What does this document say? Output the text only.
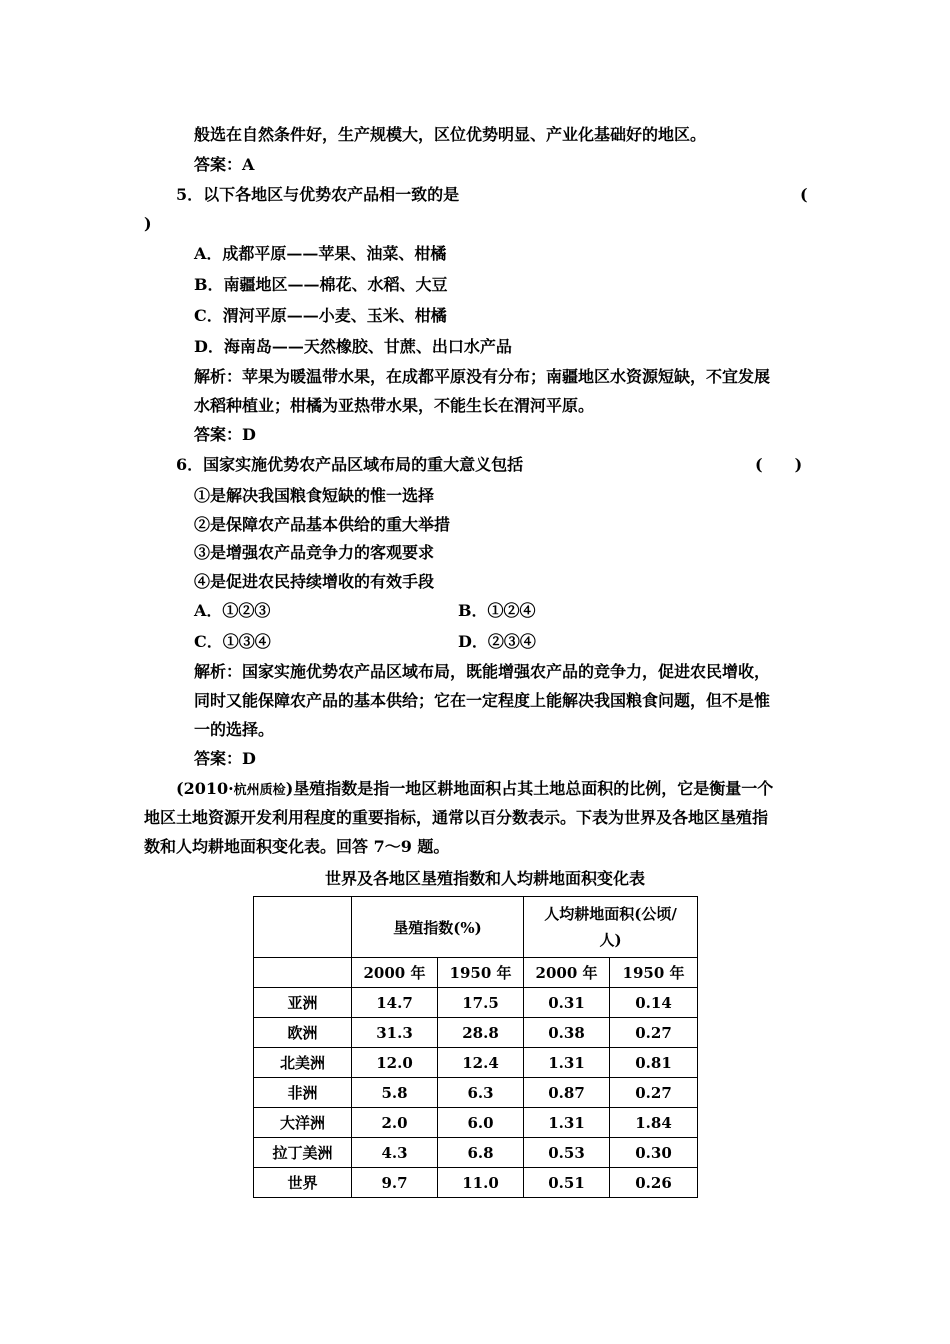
般选在自然条件好，生产规模大，区位优势明显、产业化基础好的地区。
答案：A
5．以下各地区与优势农产品相一致的是	(
)
A．成都平原——苹果、油菜、柑橘
B．南疆地区——棉花、水稻、大豆
C．渭河平原——小麦、玉米、柑橘
D．海南岛——天然橡胶、甘蔗、出口水产品
解析：苹果为暖温带水果，在成都平原没有分布；南疆地区水资源短缺，不宜发展
水稻种植业；柑橘为亚热带水果，不能生长在渭河平原。
答案：D
6．国家实施优势农产品区域布局的重大意义包括	(　　)
①是解决我国粮食短缺的惟一选择
②是保障农产品基本供给的重大举措
③是增强农产品竞争力的客观要求
④是促进农民持续增收的有效手段
A．①②③	B．①②④
C．①③④	D．②③④
解析：国家实施优势农产品区域布局，既能增强农产品的竞争力，促进农民增收，
同时又能保障农产品的基本供给；它在一定程度上能解决我国粮食问题，但不是惟
一的选择。
答案：D
(2010·杭州质检)垦殖指数是指一地区耕地面积占其土地总面积的比例，它是衡量一个
地区土地资源开发利用程度的重要指标，通常以百分数表示。下表为世界及各地区垦殖指
数和人均耕地面积变化表。回答 7～9 题。
世界及各地区垦殖指数和人均耕地面积变化表
	垦殖指数(%)		人均耕地面积(公顷/
人)	
	2000 年	1950 年	2000 年	1950 年
亚洲	14.7	17.5	0.31	0.14
欧洲	31.3	28.8	0.38	0.27
北美洲	12.0	12.4	1.31	0.81
非洲	5.8	6.3	0.87	0.27
大洋洲	2.0	6.0	1.31	1.84
拉丁美洲	4.3	6.8	0.53	0.30
世界	9.7	11.0	0.51	0.26
